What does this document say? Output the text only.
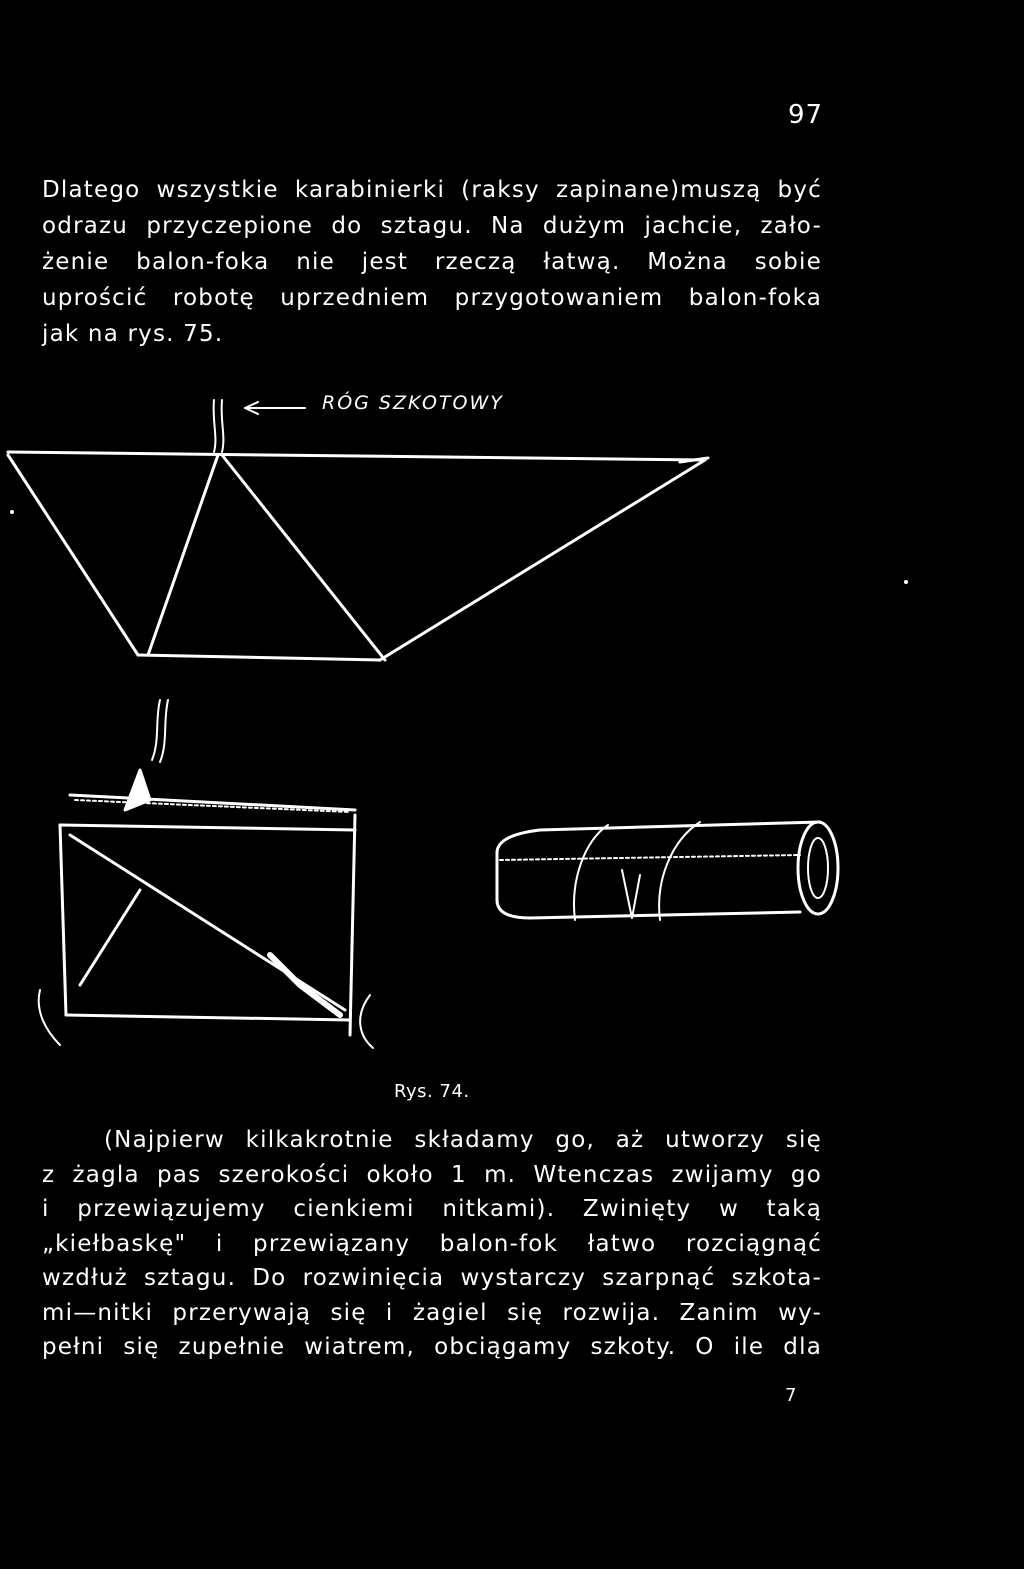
97
Dlatego wszystkie karabinierki (raksy zapinane)muszą być
odrazu przyczepione do sztagu. Na dużym jachcie, zało-
żenie balon-foka nie jest rzeczą łatwą. Można sobie
uprościć robotę uprzedniem przygotowaniem balon-foka
jak na rys. 75.
RÓG SZKOTOWY
Rys. 74.
(Najpierw kilkakrotnie składamy go, aż utworzy się
z żagla pas szerokości około 1 m. Wtenczas zwijamy go
i przewiązujemy cienkiemi nitkami). Zwinięty w taką
„kiełbaskę" i przewiązany balon-fok łatwo rozciągnąć
wzdłuż sztagu. Do rozwinięcia wystarczy szarpnąć szkota-
mi—nitki przerywają się i żagiel się rozwija. Zanim wy-
pełni się zupełnie wiatrem, obciągamy szkoty. O ile dla
7
